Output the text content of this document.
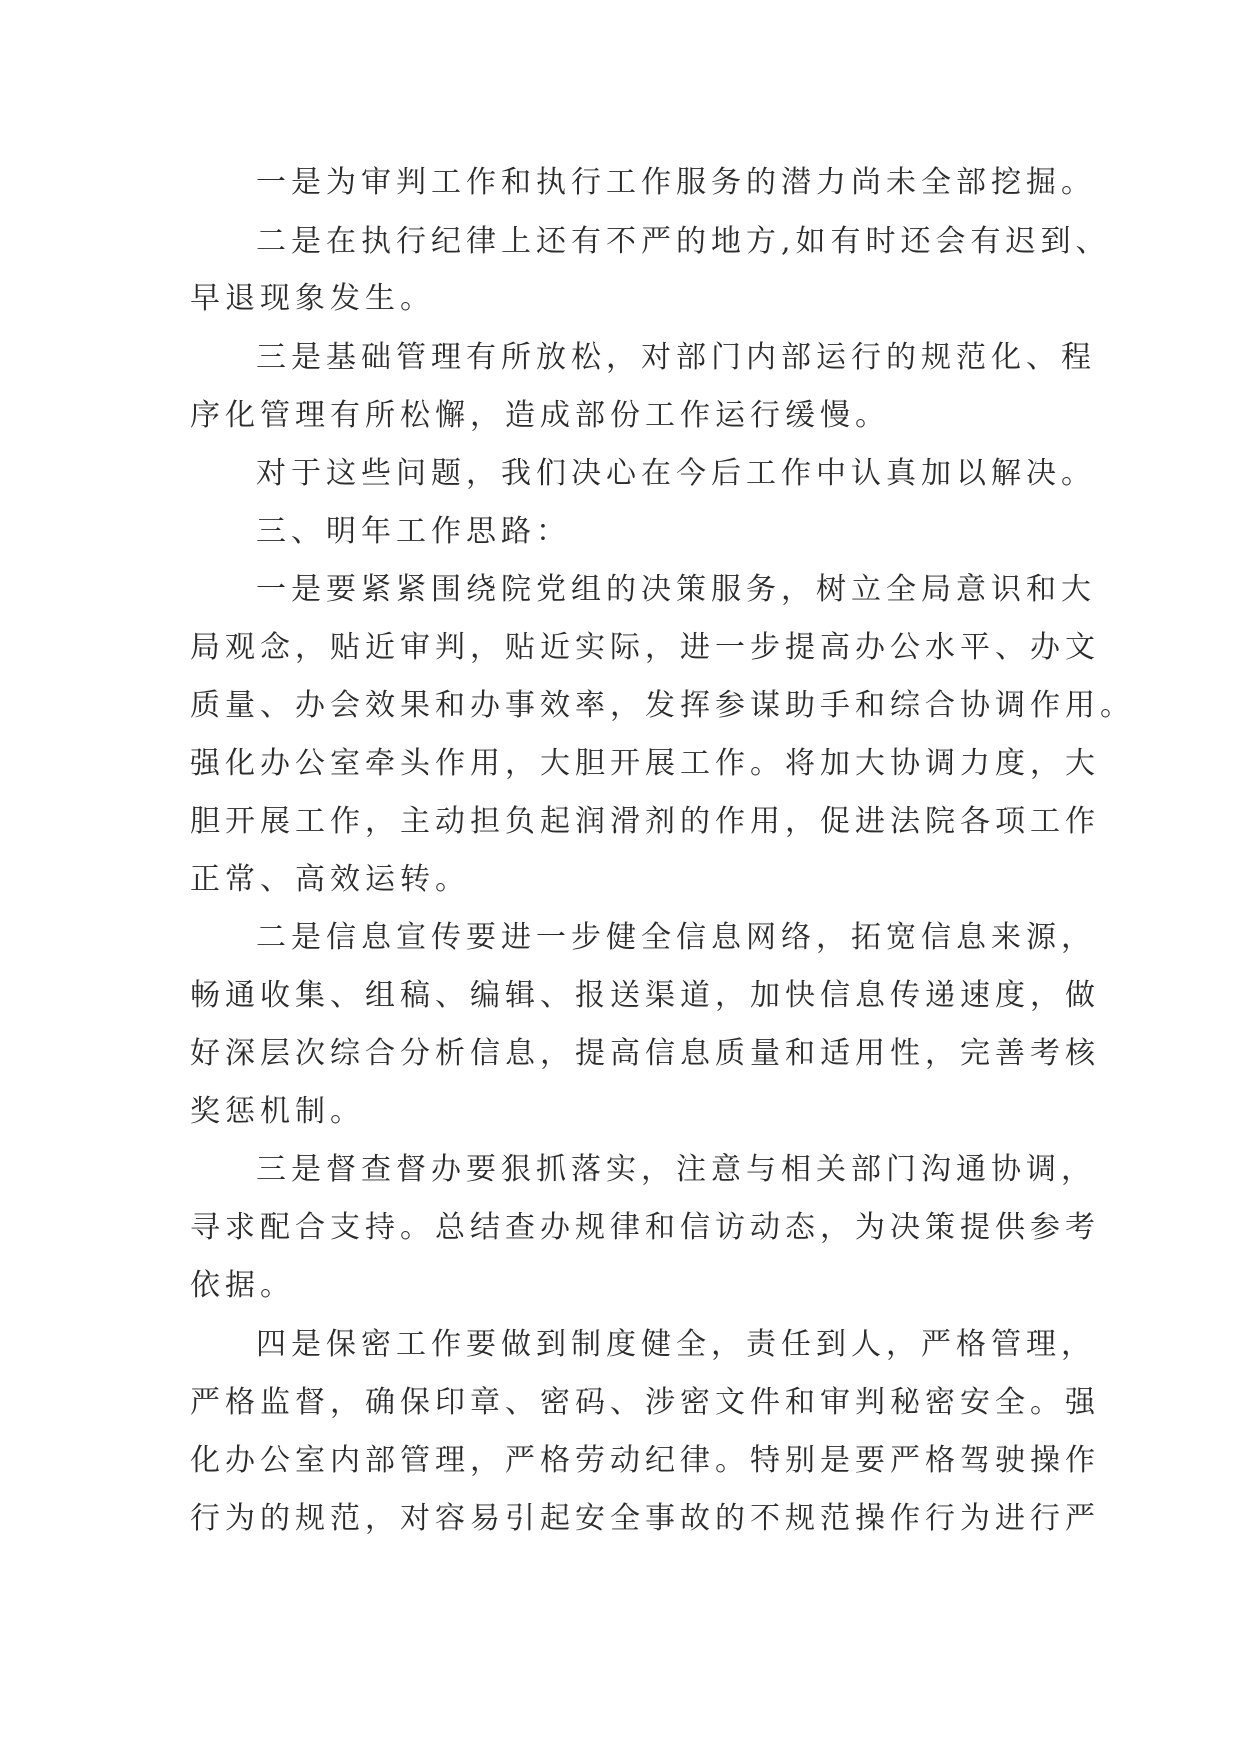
一是为审判工作和执行工作服务的潜力尚未全部挖掘。
二是在执行纪律上还有不严的地方,如有时还会有迟到、
早退现象发生。
三是基础管理有所放松，对部门内部运行的规范化、程
序化管理有所松懈，造成部份工作运行缓慢。
对于这些问题，我们决心在今后工作中认真加以解决。
三、明年工作思路：
一是要紧紧围绕院党组的决策服务，树立全局意识和大
局观念，贴近审判，贴近实际，进一步提高办公水平、办文
质量、办会效果和办事效率，发挥参谋助手和综合协调作用。
强化办公室牵头作用，大胆开展工作。将加大协调力度，大
胆开展工作，主动担负起润滑剂的作用，促进法院各项工作
正常、高效运转。
二是信息宣传要进一步健全信息网络，拓宽信息来源，
畅通收集、组稿、编辑、报送渠道，加快信息传递速度，做
好深层次综合分析信息，提高信息质量和适用性，完善考核
奖惩机制。
三是督查督办要狠抓落实，注意与相关部门沟通协调，
寻求配合支持。总结查办规律和信访动态，为决策提供参考
依据。
四是保密工作要做到制度健全，责任到人，严格管理，
严格监督，确保印章、密码、涉密文件和审判秘密安全。强
化办公室内部管理，严格劳动纪律。特别是要严格驾驶操作
行为的规范，对容易引起安全事故的不规范操作行为进行严
